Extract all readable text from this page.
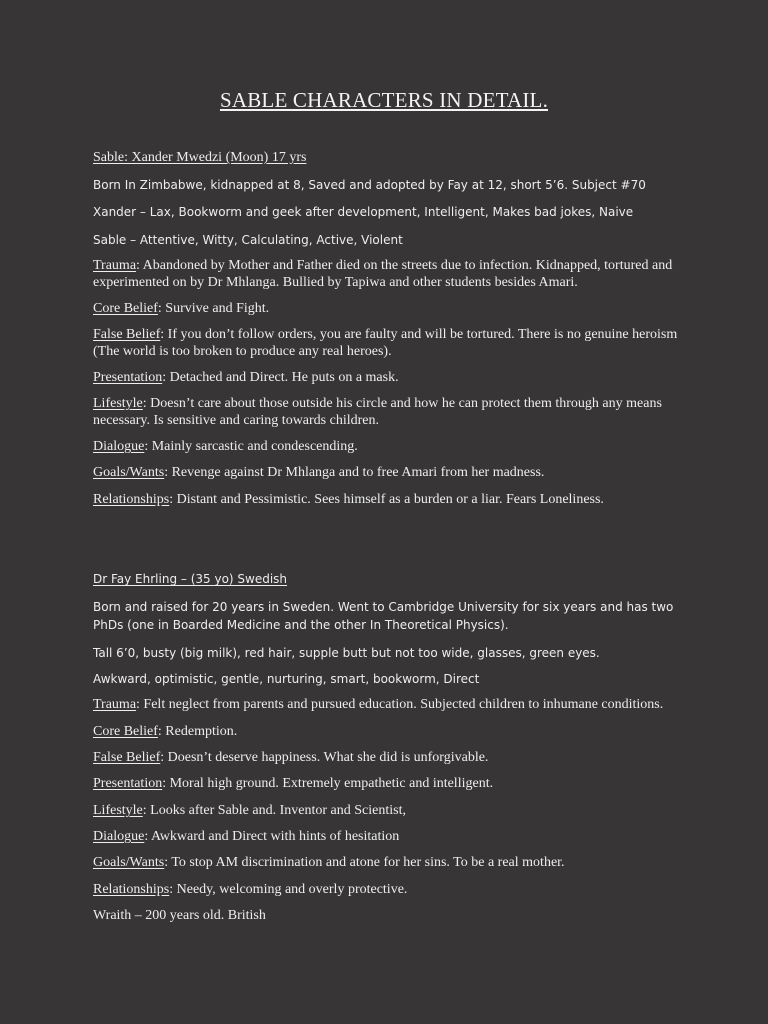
SABLE CHARACTERS IN DETAIL.

Sable: Xander Mwedzi (Moon) 17 yrs

Born In Zimbabwe, kidnapped at 8, Saved and adopted by Fay at 12, short 5’6. Subject #70

Xander – Lax, Bookworm and geek after development, Intelligent, Makes bad jokes, Naive

Sable – Attentive, Witty, Calculating, Active, Violent

Trauma: Abandoned by Mother and Father died on the streets due to infection. Kidnapped, tortured and experimented on by Dr Mhlanga. Bullied by Tapiwa and other students besides Amari.

Core Belief: Survive and Fight.

False Belief: If you don’t follow orders, you are faulty and will be tortured. There is no genuine heroism (The world is too broken to produce any real heroes).

Presentation: Detached and Direct. He puts on a mask.

Lifestyle: Doesn’t care about those outside his circle and how he can protect them through any means necessary. Is sensitive and caring towards children.

Dialogue: Mainly sarcastic and condescending.

Goals/Wants: Revenge against Dr Mhlanga and to free Amari from her madness.

Relationships: Distant and Pessimistic. Sees himself as a burden or a liar. Fears Loneliness.

Dr Fay Ehrling – (35 yo) Swedish

Born and raised for 20 years in Sweden. Went to Cambridge University for six years and has two PhDs (one in Boarded Medicine and the other In Theoretical Physics).

Tall 6’0, busty (big milk), red hair, supple butt but not too wide, glasses, green eyes.

Awkward, optimistic, gentle, nurturing, smart, bookworm, Direct

Trauma: Felt neglect from parents and pursued education. Subjected children to inhumane conditions.

Core Belief: Redemption.

False Belief: Doesn’t deserve happiness. What she did is unforgivable.

Presentation: Moral high ground. Extremely empathetic and intelligent.

Lifestyle: Looks after Sable and. Inventor and Scientist,

Dialogue: Awkward and Direct with hints of hesitation

Goals/Wants: To stop AM discrimination and atone for her sins. To be a real mother.

Relationships: Needy, welcoming and overly protective.

Wraith – 200 years old. British
